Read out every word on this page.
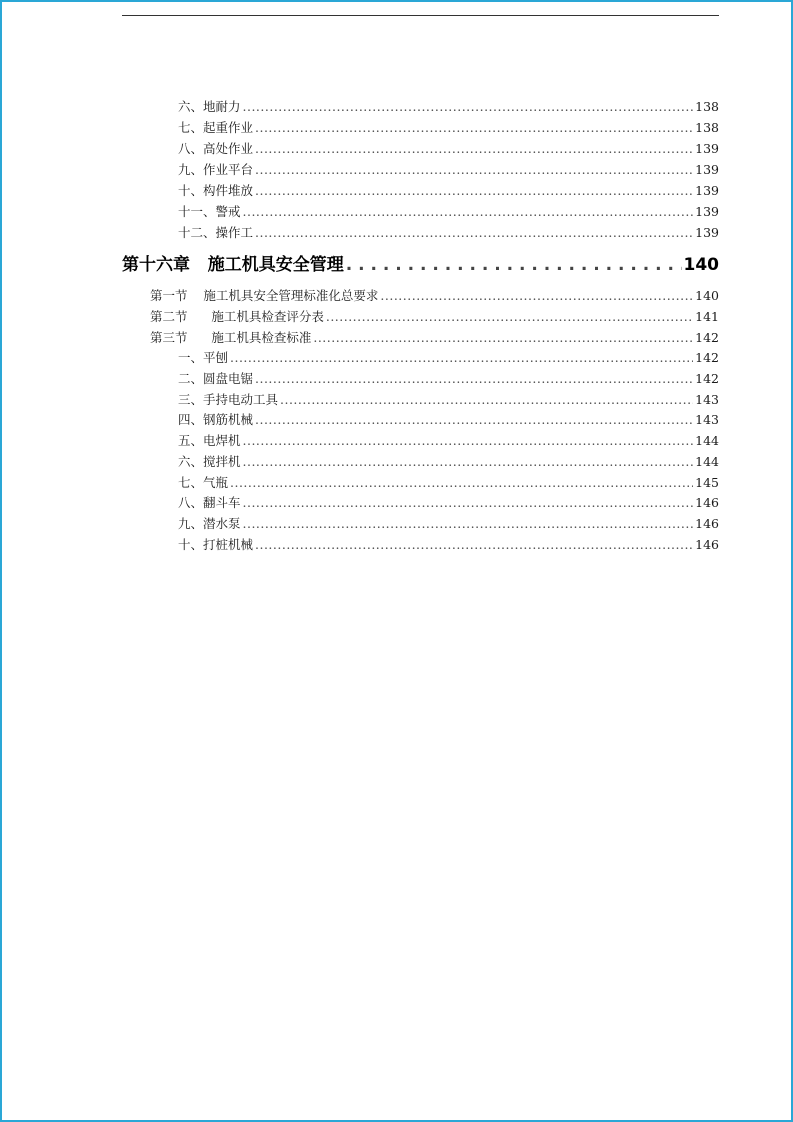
六、地耐力 .....	138
七、起重作业 .....	138
八、高处作业 .....	139
九、作业平台 .....	139
十、构件堆放 .....	139
十一、警戒 .....	139
十二、操作工 .....	139
第十六章   施工机具安全管理 . . .	140
第一节    施工机具安全管理标准化总要求 .....	140
第二节      施工机具检查评分表 .....	141
第三节      施工机具检查标准 .....	142
一、平刨 .....	142
二、圆盘电锯 .....	142
三、手持电动工具 .....	143
四、钢筋机械 .....	143
五、电焊机 .....	144
六、搅拌机 .....	144
七、气瓶 .....	145
八、翻斗车 .....	146
九、潜水泵 .....	146
十、打桩机械 .....	146
